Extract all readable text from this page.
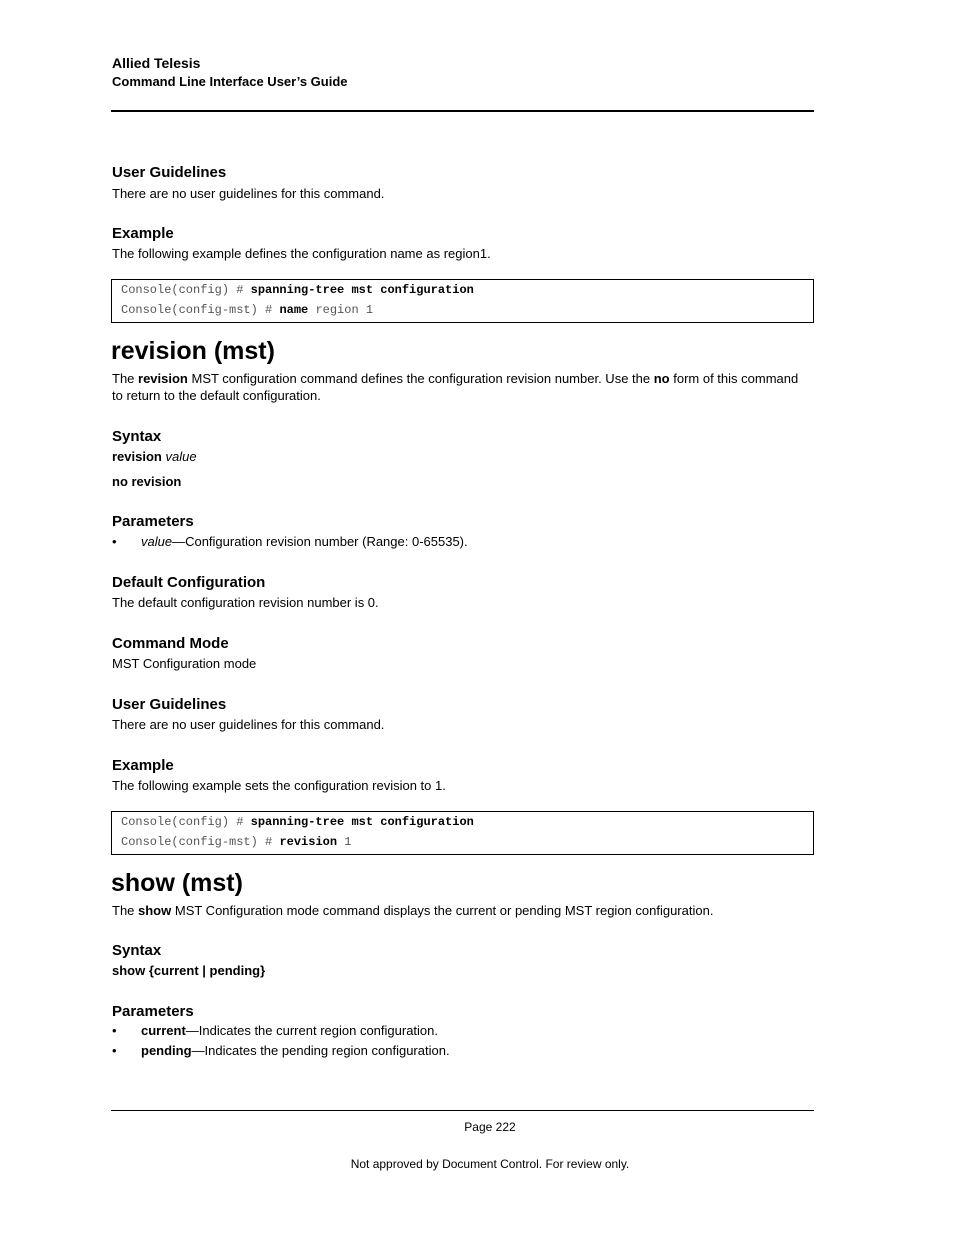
Allied Telesis
Command Line Interface User’s Guide
User Guidelines
There are no user guidelines for this command.
Example
The following example defines the configuration name as region1.
Console(config) # spanning-tree mst configuration
Console(config-mst) # name region 1
revision (mst)
The revision MST configuration command defines the configuration revision number. Use the no form of this command to return to the default configuration.
Syntax
revision value
no revision
Parameters
• value—Configuration revision number (Range: 0-65535).
Default Configuration
The default configuration revision number is 0.
Command Mode
MST Configuration mode
User Guidelines
There are no user guidelines for this command.
Example
The following example sets the configuration revision to 1.
Console(config) # spanning-tree mst configuration
Console(config-mst) # revision 1
show (mst)
The show MST Configuration mode command displays the current or pending MST region configuration.
Syntax
show {current | pending}
Parameters
• current—Indicates the current region configuration.
• pending—Indicates the pending region configuration.
Page 222
Not approved by Document Control. For review only.
